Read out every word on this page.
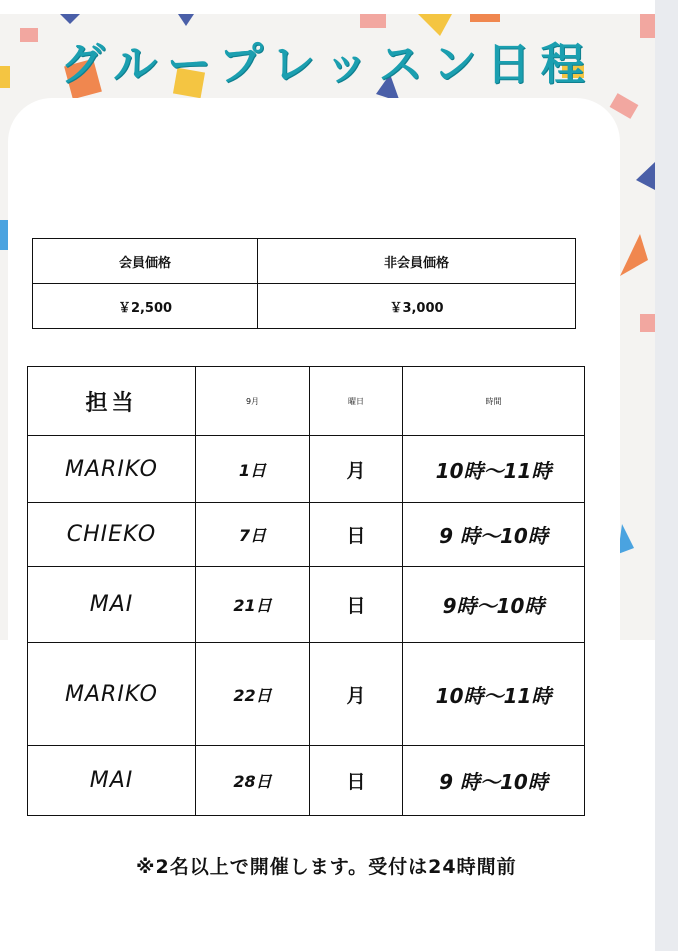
グループレッスン日程
会員価格	非会員価格
￥2,500	￥3,000
担当	9月	曜日	時間
MARIKO	1日	月	10時～11時
CHIEKO	7日	日	9 時～10時
MAI	21日	日	9時～10時
MARIKO	22日	月	10時～11時
MAI	28日	日	9 時～10時
※2名以上で開催します。受付は24時間前
